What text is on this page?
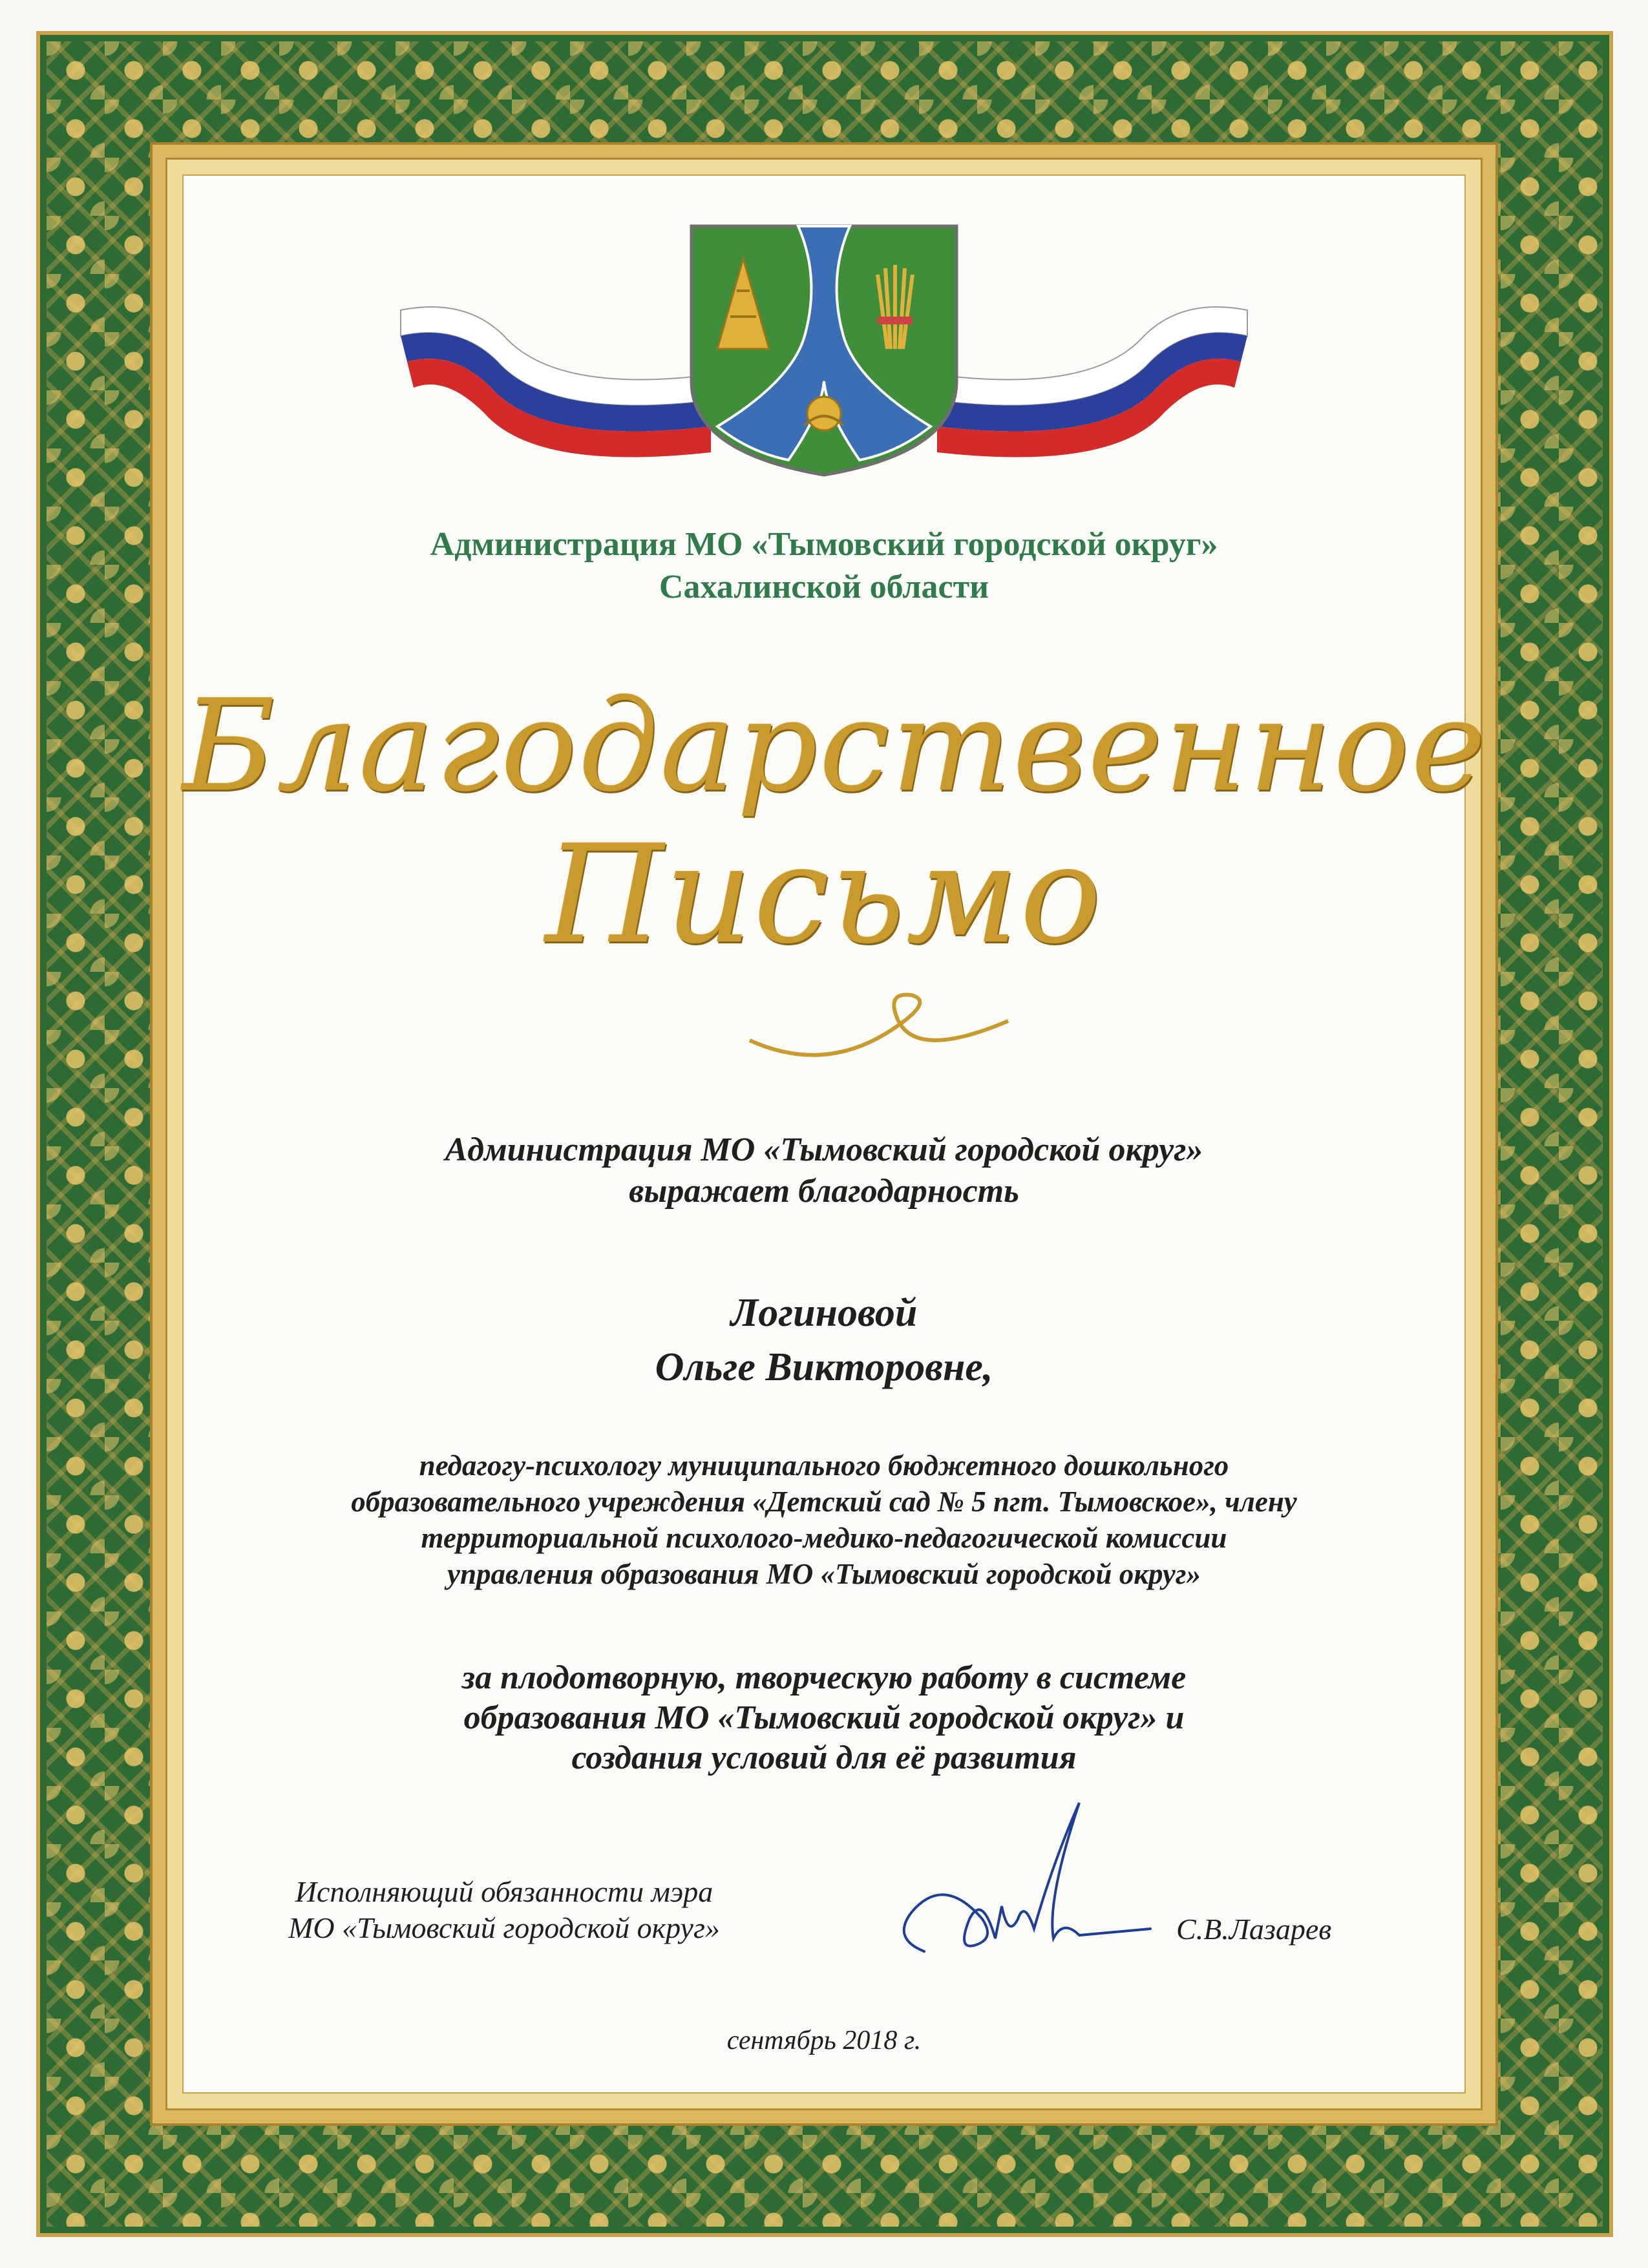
Администрация МО «Тымовский городской округ»
Сахалинской области
Благодарственное
Письмо
Администрация МО «Тымовский городской округ»
выражает благодарность
Логиновой
Ольге Викторовне,
педагогу-психологу муниципального бюджетного дошкольного
образовательного учреждения «Детский сад № 5 пгт. Тымовское», члену
территориальной психолого-медико-педагогической комиссии
управления образования МО «Тымовский городской округ»
за плодотворную, творческую работу в системе
образования МО «Тымовский городской округ» и
создания условий для её развития
Исполняющий обязанности мэра
МО «Тымовский городской округ»	С.В.Лазарев
сентябрь 2018 г.
